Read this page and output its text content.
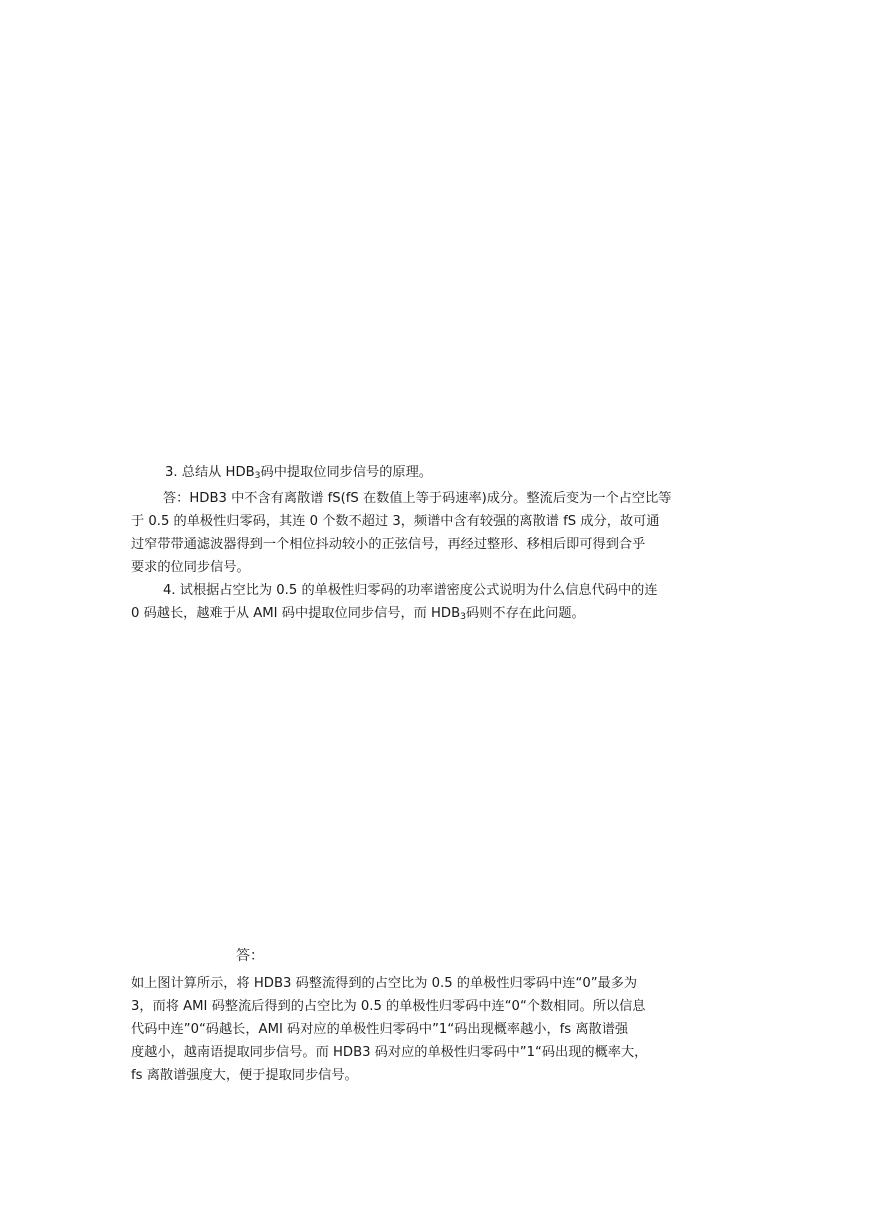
3. 总结从 $HDB_3$码中提取位同步信号的原理。
答：HDB3 中不含有离散谱 fS(fS 在数值上等于码速率)成分。整流后变为一个占空比等
于 0.5 的单极性归零码，其连 0 个数不超过 3，频谱中含有较强的离散谱 fS 成分，故可通
过窄带带通滤波器得到一个相位抖动较小的正弦信号，再经过整形、移相后即可得到合乎
要求的位同步信号。
4. 试根据占空比为 0.5 的单极性归零码的功率谱密度公式说明为什么信息代码中的连
0 码越长，越难于从 AMI 码中提取位同步信号，而 $HDB_3$码则不存在此问题。
答：
如上图计算所示，将 HDB3 码整流得到的占空比为 0.5 的单极性归零码中连“0”最多为
3，而将 AMI 码整流后得到的占空比为 0.5 的单极性归零码中连“0“个数相同。所以信息
代码中连”0“码越长，AMI 码对应的单极性归零码中”1“码出现概率越小，fs 离散谱强
度越小，越南语提取同步信号。而 HDB3 码对应的单极性归零码中”1“码出现的概率大，
fs 离散谱强度大，便于提取同步信号。
